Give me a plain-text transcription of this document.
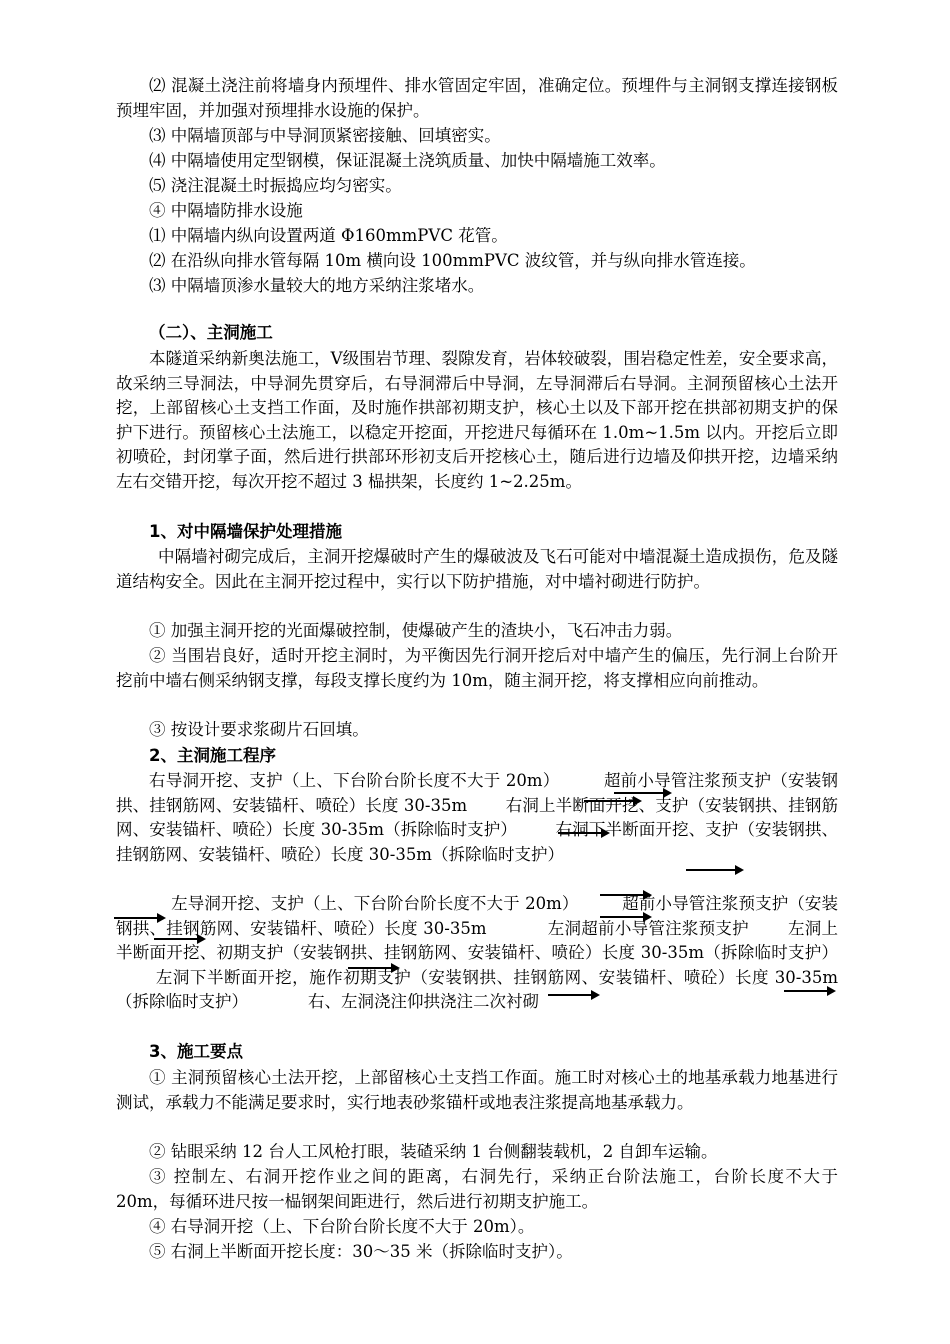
⑵ 混凝土浇注前将墙身内预埋件、排水管固定牢固，准确定位。预埋件与主洞钢支撑连接钢板预埋牢固，并加强对预埋排水设施的保护。
⑶ 中隔墙顶部与中导洞顶紧密接触、回填密实。
⑷ 中隔墙使用定型钢模，保证混凝土浇筑质量、加快中隔墙施工效率。
⑸ 浇注混凝土时振捣应均匀密实。
④ 中隔墙防排水设施
⑴ 中隔墙内纵向设置两道 Φ160mmPVC 花管。
⑵ 在沿纵向排水管每隔 10m 横向设 100mmPVC 波纹管，并与纵向排水管连接。
⑶ 中隔墙顶渗水量较大的地方采纳注浆堵水。
（二）、主洞施工
本隧道采纳新奥法施工，Ⅴ级围岩节理、裂隙发育，岩体较破裂，围岩稳定性差，安全要求高，故采纳三导洞法，中导洞先贯穿后，右导洞滞后中导洞，左导洞滞后右导洞。主洞预留核心土法开挖，上部留核心土支挡工作面，及时施作拱部初期支护，核心土以及下部开挖在拱部初期支护的保护下进行。预留核心土法施工，以稳定开挖面，开挖进尺每循环在 1.0m~1.5m 以内。开挖后立即初喷砼，封闭掌子面，然后进行拱部环形初支后开挖核心土，随后进行边墙及仰拱开挖，边墙采纳左右交错开挖，每次开挖不超过 3 榀拱架，长度约 1~2.25m。
1、对中隔墙保护处理措施
中隔墙衬砌完成后，主洞开挖爆破时产生的爆破波及飞石可能对中墙混凝土造成损伤，危及隧道结构安全。因此在主洞开挖过程中，实行以下防护措施，对中墙衬砌进行防护。
① 加强主洞开挖的光面爆破控制，使爆破产生的渣块小，飞石冲击力弱。
② 当围岩良好，适时开挖主洞时，为平衡因先行洞开挖后对中墙产生的偏压，先行洞上台阶开挖前中墙右侧采纳钢支撑，每段支撑长度约为 10m，随主洞开挖，将支撑相应向前推动。
③ 按设计要求浆砌片石回填。
2、主洞施工程序
右导洞开挖、支护（上、下台阶台阶长度不大于 20m） 　　 超前小导管注浆预支护（安装钢拱、挂钢筋网、安装锚杆、喷砼）长度 30-35m 　　右洞上半断面开挖、支护（安装钢拱、挂钢筋网、安装锚杆、喷砼）长度 30-35m（拆除临时支护） 　　右洞下半断面开挖、支护（安装钢拱、挂钢筋网、安装锚杆、喷砼）长度 30-35m（拆除临时支护）
　　　 左导洞开挖、支护（上、下台阶台阶长度不大于 20m） 　　 超前小导管注浆预支护（安装钢拱、挂钢筋网、安装锚杆、喷砼）长度 30-35m 　　　 左洞超前小导管注浆预支护 　　左洞上半断面开挖、初期支护（安装钢拱、挂钢筋网、安装锚杆、喷砼）长度 30-35m（拆除临时支护） 　　 左洞下半断面开挖，施作初期支护（安装钢拱、挂钢筋网、安装锚杆、喷砼）长度 30-35m（拆除临时支护） 　　　 右、左洞浇注仰拱浇注二次衬砌
3、施工要点
① 主洞预留核心土法开挖，上部留核心土支挡工作面。施工时对核心土的地基承载力地基进行测试，承载力不能满足要求时，实行地表砂浆锚杆或地表注浆提高地基承载力。
② 钻眼采纳 12 台人工风枪打眼，装碴采纳 1 台侧翻装载机，2 自卸车运输。
③ 控制左、右洞开挖作业之间的距离，右洞先行，采纳正台阶法施工，台阶长度不大于 20m，每循环进尺按一榀钢架间距进行，然后进行初期支护施工。
④ 右导洞开挖（上、下台阶台阶长度不大于 20m）。
⑤ 右洞上半断面开挖长度：30～35 米（拆除临时支护）。
